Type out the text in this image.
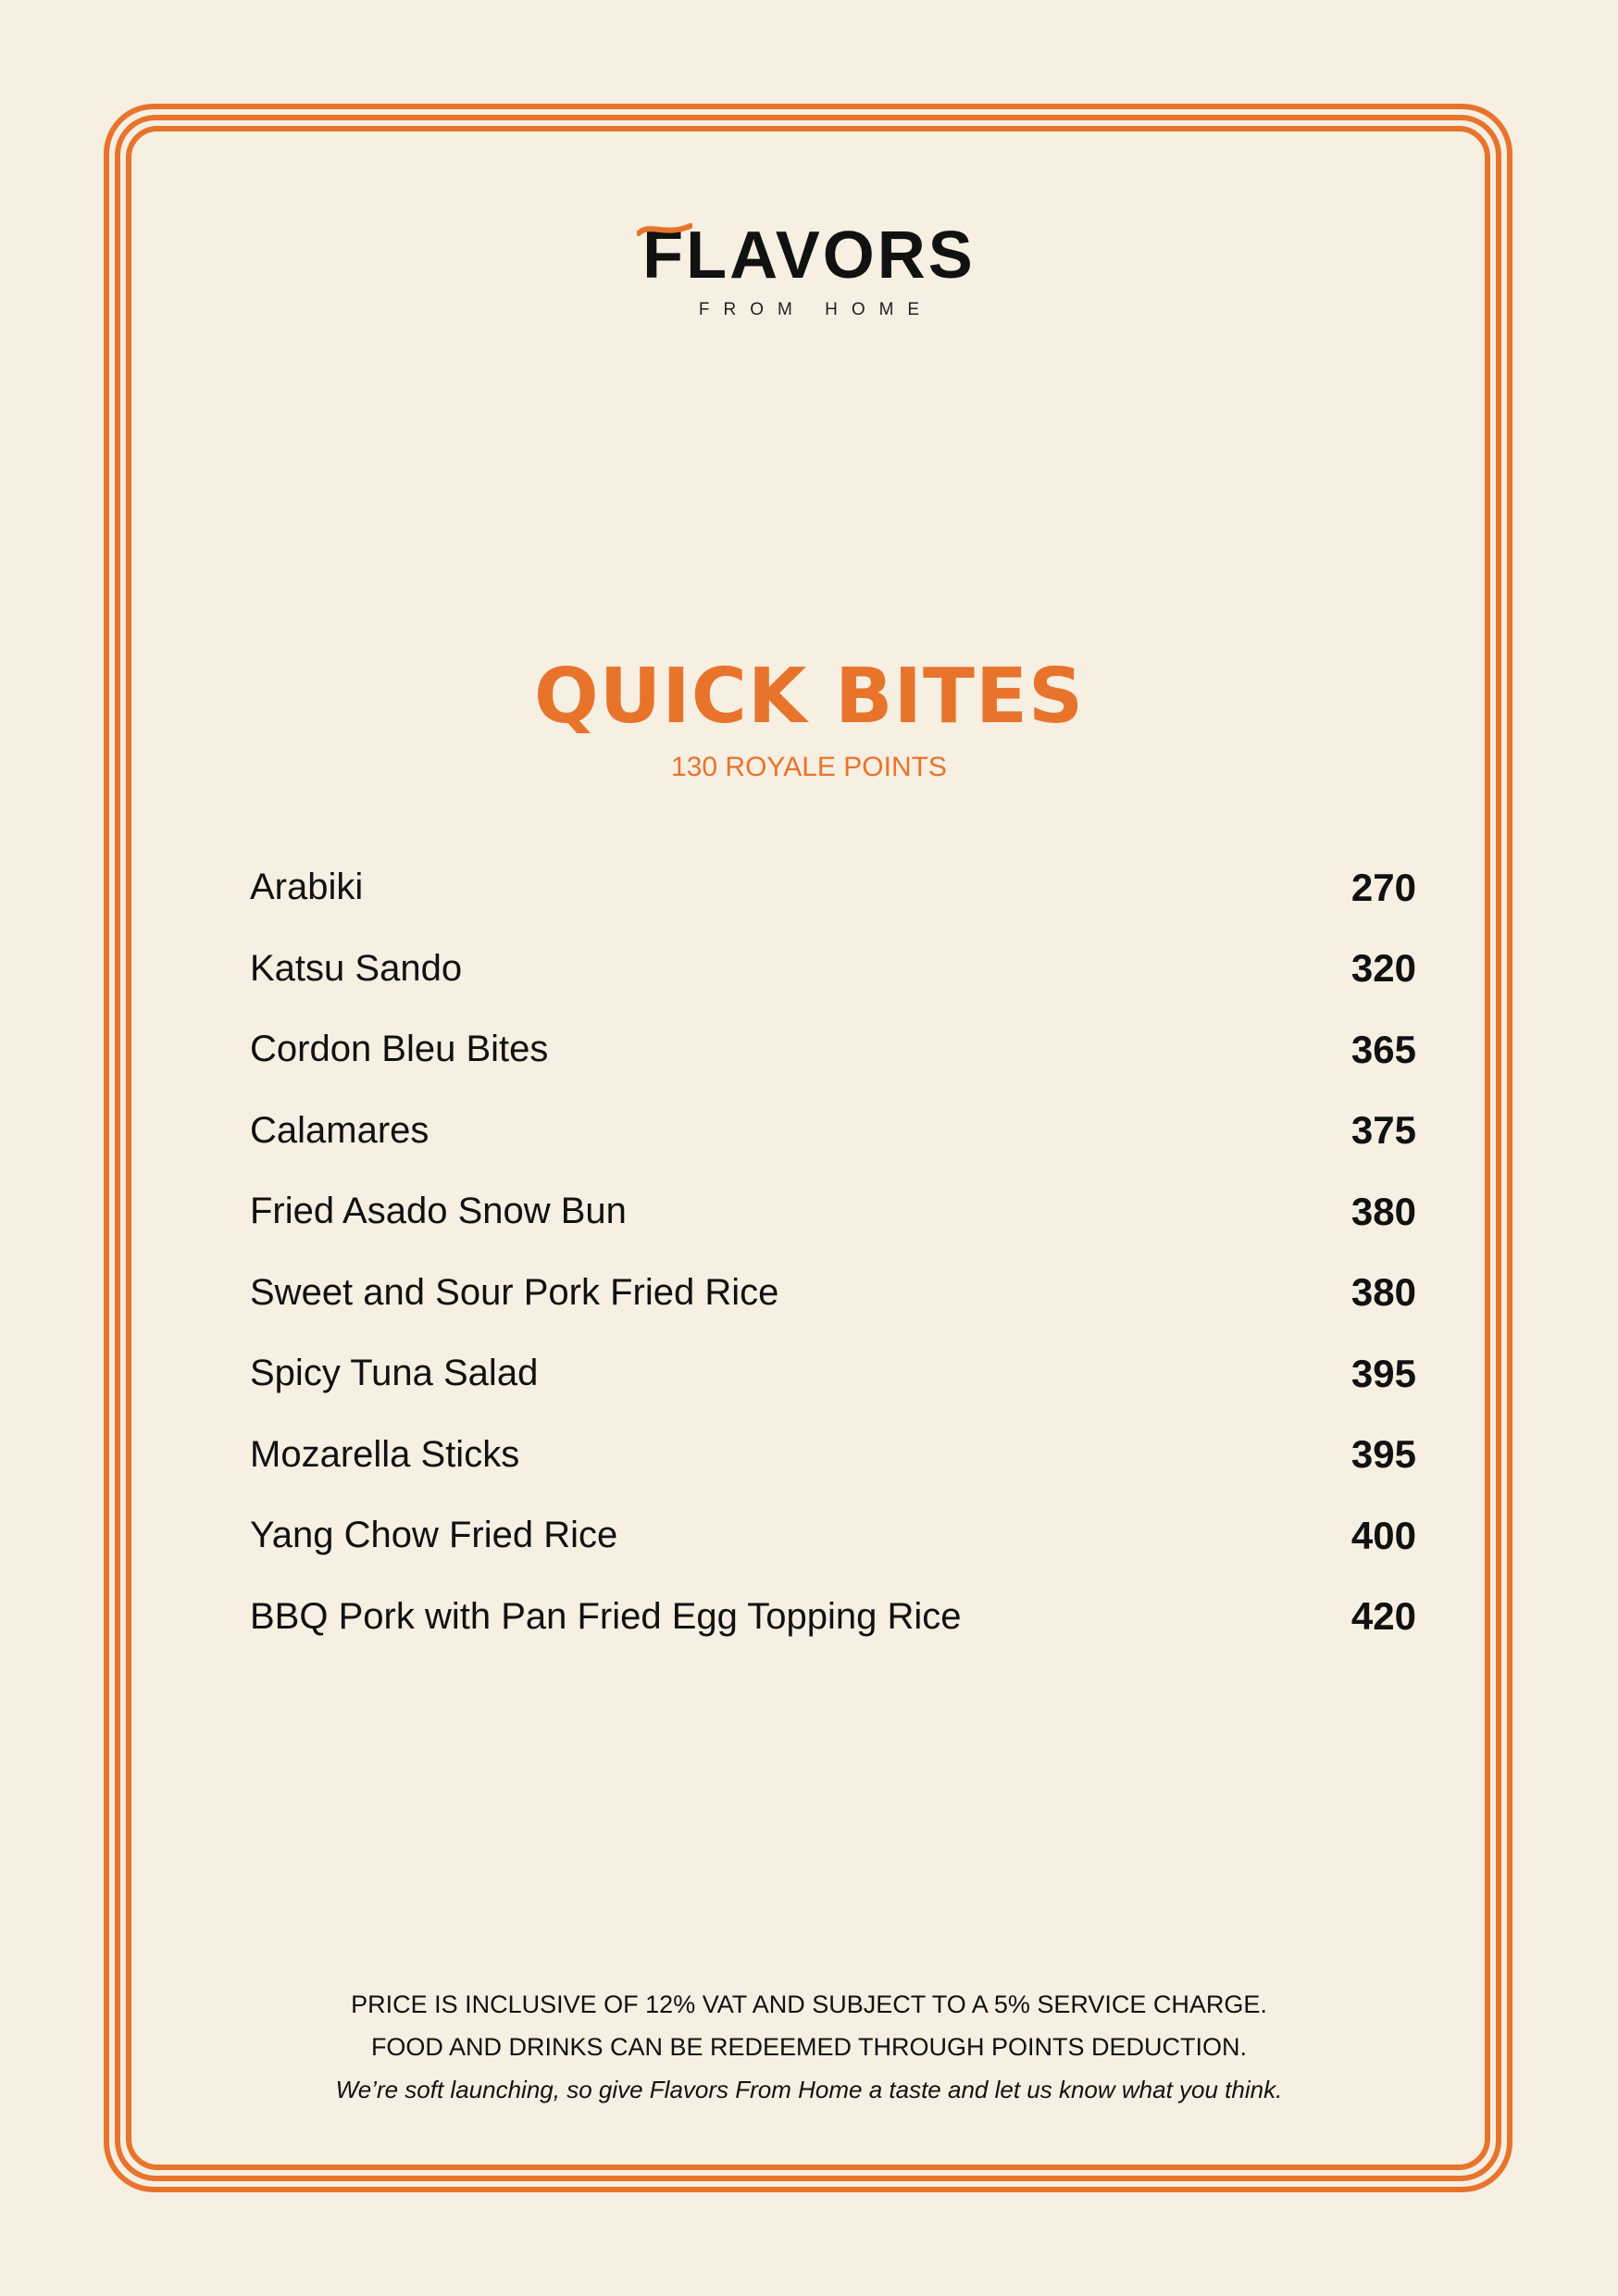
FLAVORS
FROM HOME
QUICK BITES
130 ROYALE POINTS
Arabiki	270
Katsu Sando	320
Cordon Bleu Bites	365
Calamares	375
Fried Asado Snow Bun	380
Sweet and Sour Pork Fried Rice	380
Spicy Tuna Salad	395
Mozarella Sticks	395
Yang Chow Fried Rice	400
BBQ Pork with Pan Fried Egg Topping Rice	420
PRICE IS INCLUSIVE OF 12% VAT AND SUBJECT TO A 5% SERVICE CHARGE.
FOOD AND DRINKS CAN BE REDEEMED THROUGH POINTS DEDUCTION.
We’re soft launching, so give Flavors From Home a taste and let us know what you think.
